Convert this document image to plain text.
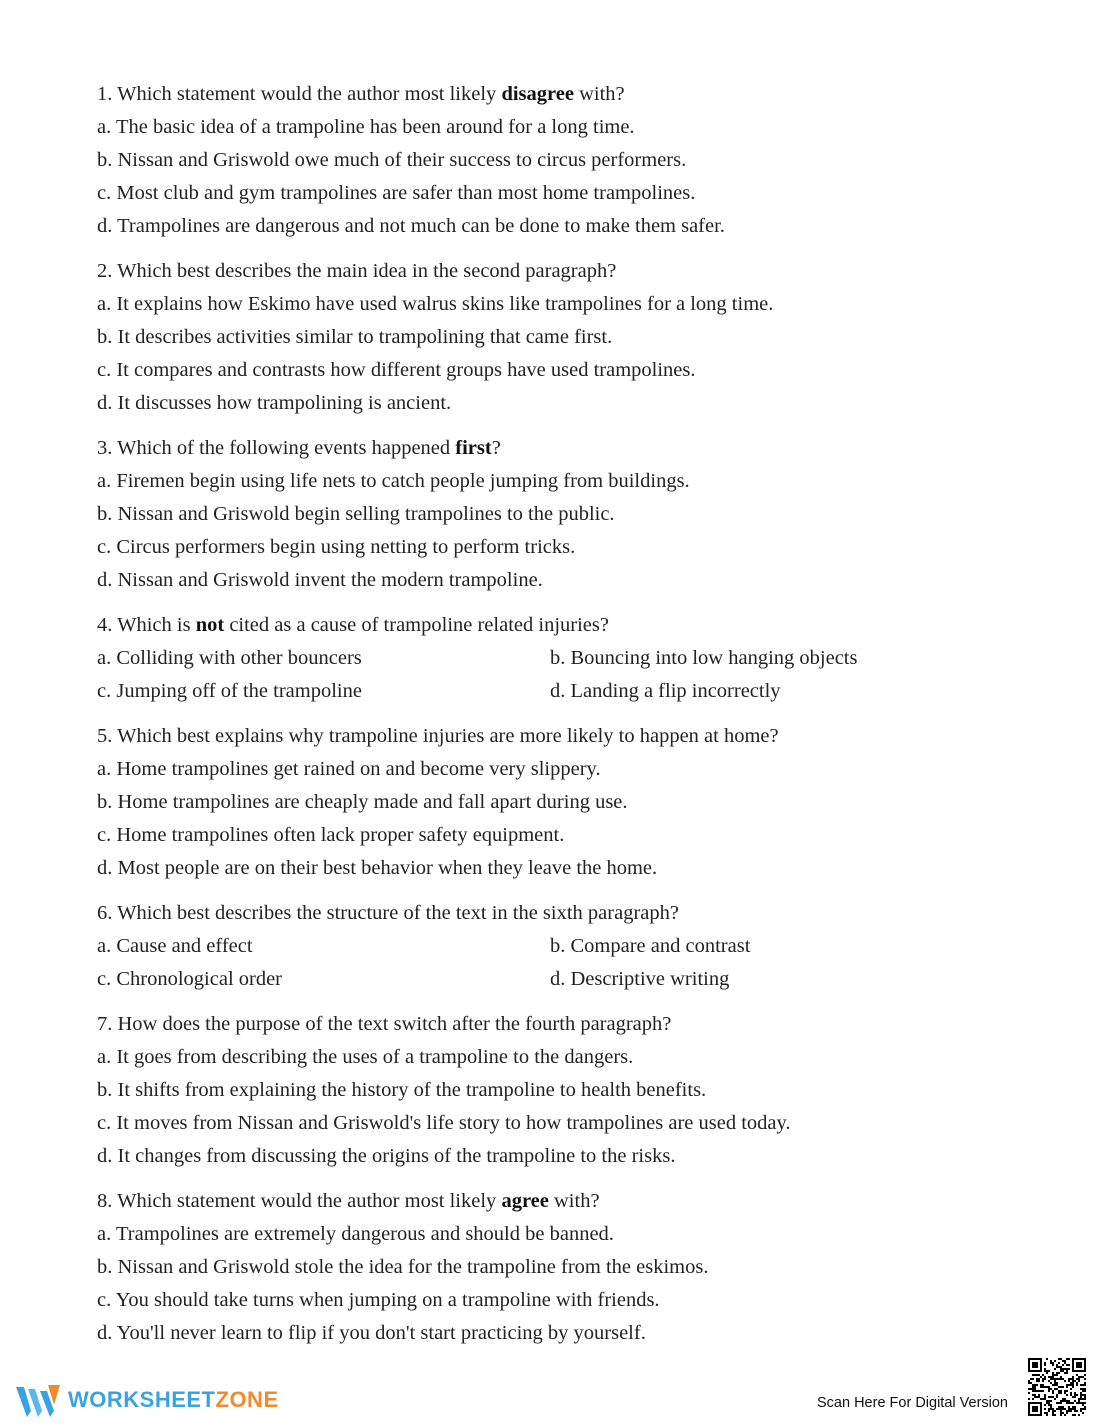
1. Which statement would the author most likely disagree with?
a. The basic idea of a trampoline has been around for a long time.
b. Nissan and Griswold owe much of their success to circus performers.
c. Most club and gym trampolines are safer than most home trampolines.
d. Trampolines are dangerous and not much can be done to make them safer.
2. Which best describes the main idea in the second paragraph?
a. It explains how Eskimo have used walrus skins like trampolines for a long time.
b. It describes activities similar to trampolining that came first.
c. It compares and contrasts how different groups have used trampolines.
d. It discusses how trampolining is ancient.
3. Which of the following events happened first?
a. Firemen begin using life nets to catch people jumping from buildings.
b. Nissan and Griswold begin selling trampolines to the public.
c. Circus performers begin using netting to perform tricks.
d. Nissan and Griswold invent the modern trampoline.
4. Which is not cited as a cause of trampoline related injuries?
a. Colliding with other bouncers	b. Bouncing into low hanging objects
c. Jumping off of the trampoline	d. Landing a flip incorrectly
5. Which best explains why trampoline injuries are more likely to happen at home?
a. Home trampolines get rained on and become very slippery.
b. Home trampolines are cheaply made and fall apart during use.
c. Home trampolines often lack proper safety equipment.
d. Most people are on their best behavior when they leave the home.
6. Which best describes the structure of the text in the sixth paragraph?
a. Cause and effect	b. Compare and contrast
c. Chronological order	d. Descriptive writing
7. How does the purpose of the text switch after the fourth paragraph?
a. It goes from describing the uses of a trampoline to the dangers.
b. It shifts from explaining the history of the trampoline to health benefits.
c. It moves from Nissan and Griswold's life story to how trampolines are used today.
d. It changes from discussing the origins of the trampoline to the risks.
8. Which statement would the author most likely agree with?
a. Trampolines are extremely dangerous and should be banned.
b. Nissan and Griswold stole the idea for the trampoline from the eskimos.
c. You should take turns when jumping on a trampoline with friends.
d. You'll never learn to flip if you don't start practicing by yourself.
WORKSHEETZONE	Scan Here For Digital Version
